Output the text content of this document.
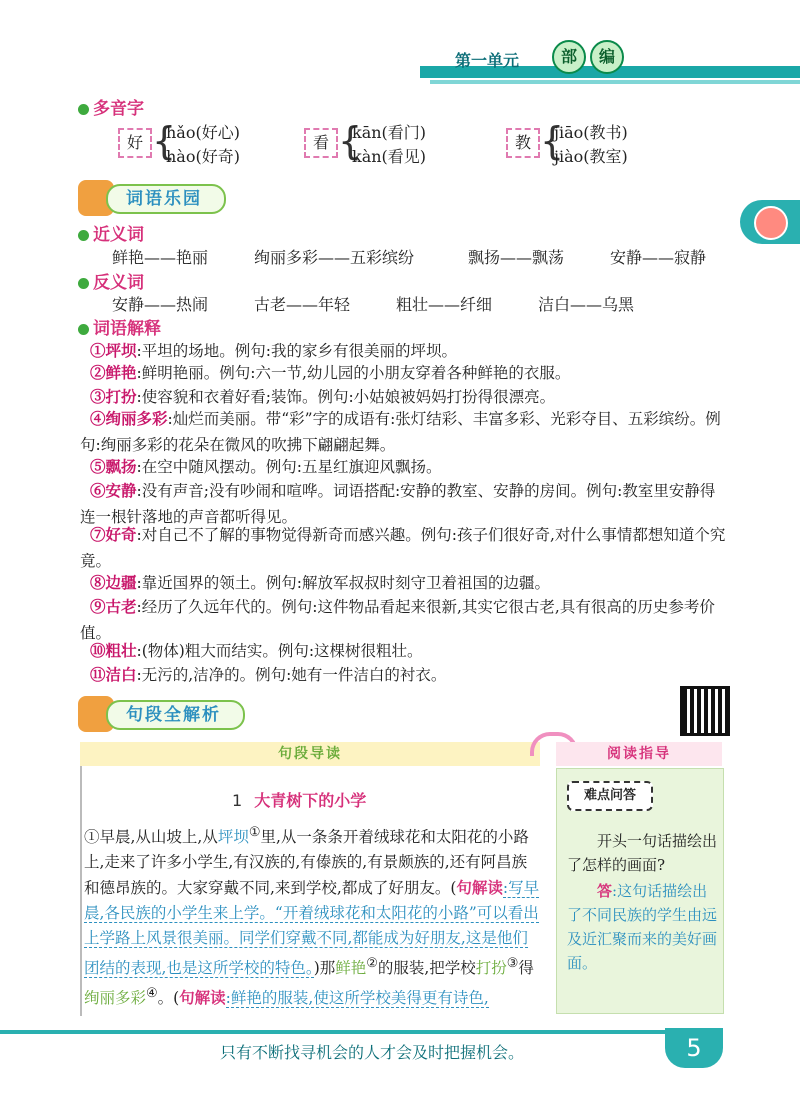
第一单元	部	编
多音字
好 {
hǎo(好心)
hào(好奇)
看 {
kān(看门)
kàn(看见)
教 {
jiāo(教书)
jiào(教室)
词语乐园
近义词
鲜艳——艳丽	绚丽多彩——五彩缤纷	飘扬——飘荡	安静——寂静
反义词
安静——热闹	古老——年轻	粗壮——纤细	洁白——乌黑
词语解释
①坪坝:平坦的场地。例句:我的家乡有很美丽的坪坝。
②鲜艳:鲜明艳丽。例句:六一节,幼儿园的小朋友穿着各种鲜艳的衣服。
③打扮:使容貌和衣着好看;装饰。例句:小姑娘被妈妈打扮得很漂亮。
④绚丽多彩:灿烂而美丽。带“彩”字的成语有:张灯结彩、丰富多彩、光彩夺目、五彩缤纷。例句:绚丽多彩的花朵在微风的吹拂下翩翩起舞。
⑤飘扬:在空中随风摆动。例句:五星红旗迎风飘扬。
⑥安静:没有声音;没有吵闹和喧哗。词语搭配:安静的教室、安静的房间。例句:教室里安静得连一根针落地的声音都听得见。
⑦好奇:对自己不了解的事物觉得新奇而感兴趣。例句:孩子们很好奇,对什么事情都想知道个究竟。
⑧边疆:靠近国界的领土。例句:解放军叔叔时刻守卫着祖国的边疆。
⑨古老:经历了久远年代的。例句:这件物品看起来很新,其实它很古老,具有很高的历史参考价值。
⑩粗壮:(物体)粗大而结实。例句:这棵树很粗壮。
⑪洁白:无污的,洁净的。例句:她有一件洁白的衬衣。
句段全解析
句段导读	阅读指导
1 大青树下的小学
①早晨,从山坡上,从坪坝①里,从一条条开着绒球花和太阳花的小路上,走来了许多小学生,有汉族的,有傣族的,有景颇族的,还有阿昌族和德昂族的。大家穿戴不同,来到学校,都成了好朋友。(句解读:写早晨,各民族的小学生来上学。“开着绒球花和太阳花的小路”可以看出上学路上风景很美丽。同学们穿戴不同,都能成为好朋友,这是他们团结的表现,也是这所学校的特色。)那鲜艳②的服装,把学校打扮③得绚丽多彩④。(句解读:鲜艳的服装,使这所学校美得更有诗色,
难点问答
开头一句话描绘出了怎样的画面?
答:这句话描绘出了不同民族的学生由远及近汇聚而来的美好画面。
只有不断找寻机会的人才会及时把握机会。	5
